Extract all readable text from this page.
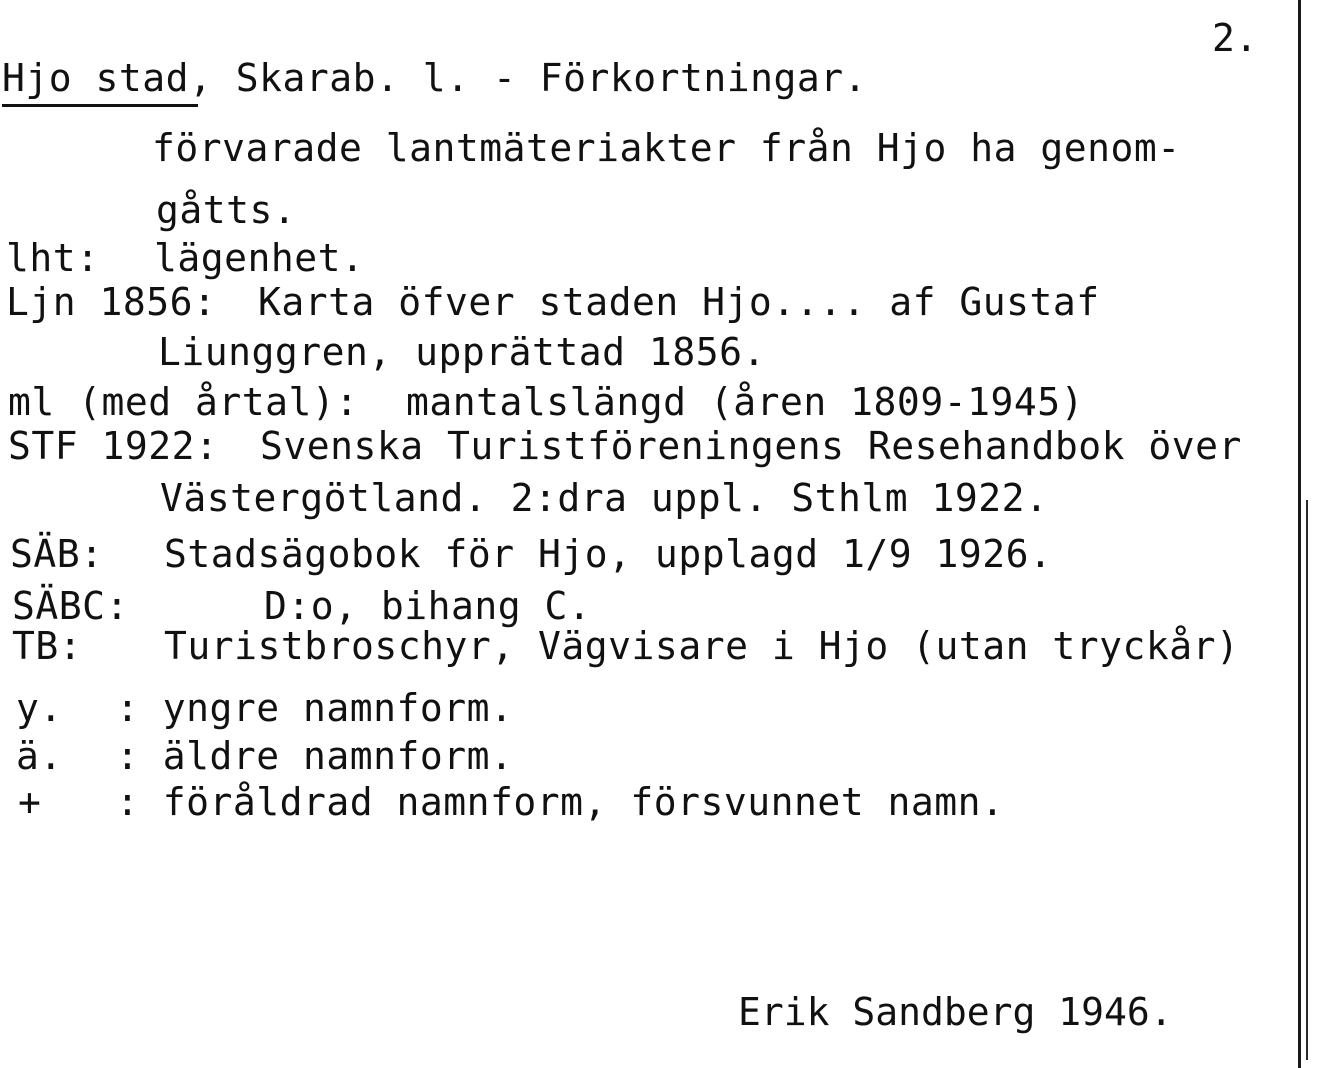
2.
Hjo stad, Skarab. l. - Förkortningar.
förvarade lantmäteriakter från Hjo ha genom-
gåtts.
lht: lägenhet.
Ljn 1856: Karta öfver staden Hjo.... af Gustaf
Liunggren, upprättad 1856.
ml (med årtal): mantalslängd (åren 1809-1945)
STF 1922: Svenska Turistföreningens Resehandbok över
Västergötland. 2:dra uppl. Sthlm 1922.
SÄB: Stadsägobok för Hjo, upplagd 1/9 1926.
SÄBC:	D:o, bihang C.
TB: Turistbroschyr, Vägvisare i Hjo (utan tryckår)
y. : yngre namnform.
ä. : äldre namnform.
+ : föråldrad namnform, försvunnet namn.
Erik Sandberg 1946.
